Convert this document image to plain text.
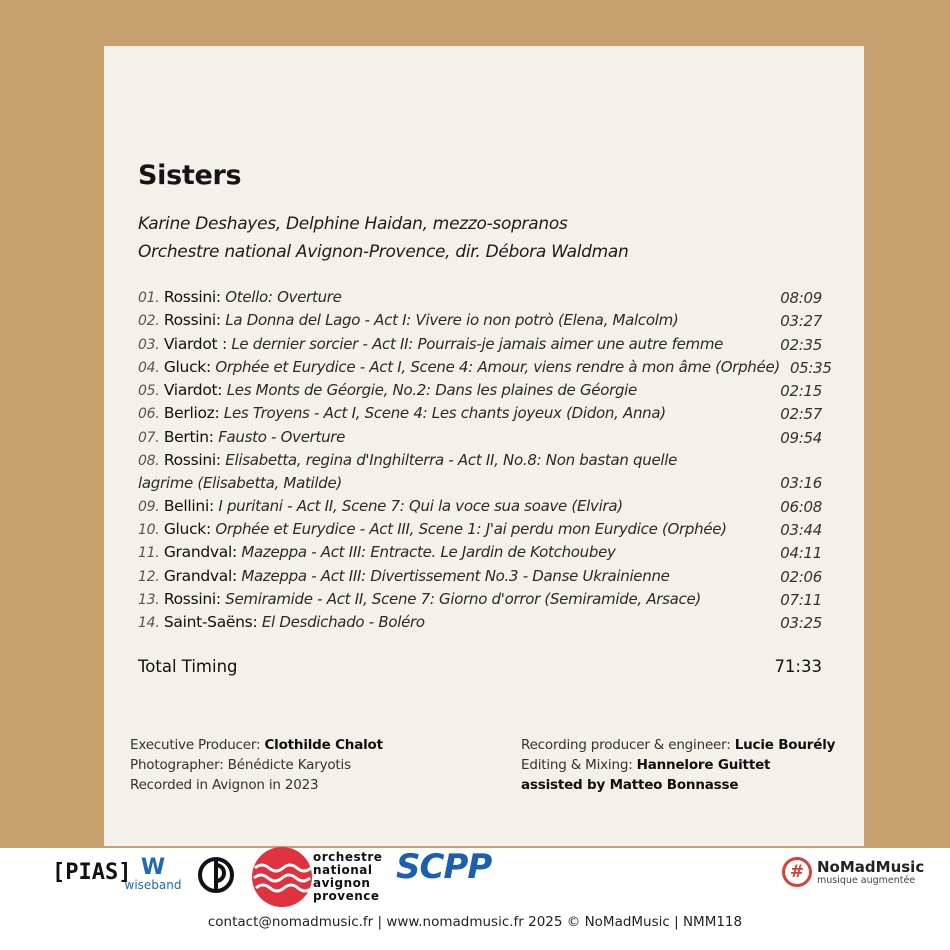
Sisters
Karine Deshayes, Delphine Haidan, mezzo-sopranos
Orchestre national Avignon-Provence, dir. Débora Waldman
01. Rossini: Otello: Overture	08:09
02. Rossini: La Donna del Lago - Act I: Vivere io non potrò (Elena, Malcolm)	03:27
03. Viardot : Le dernier sorcier - Act II: Pourrais-je jamais aimer une autre femme	02:35
04. Gluck: Orphée et Eurydice - Act I, Scene 4: Amour, viens rendre à mon âme (Orphée) 05:35
05. Viardot: Les Monts de Géorgie, No.2: Dans les plaines de Géorgie	02:15
06. Berlioz: Les Troyens - Act I, Scene 4: Les chants joyeux (Didon, Anna)	02:57
07. Bertin: Fausto - Overture	09:54
08. Rossini: Elisabetta, regina d'Inghilterra - Act II, No.8: Non bastan quelle lagrime (Elisabetta, Matilde)	03:16
09. Bellini: I puritani - Act II, Scene 7: Qui la voce sua soave (Elvira)	06:08
10. Gluck: Orphée et Eurydice - Act III, Scene 1: J'ai perdu mon Eurydice (Orphée)	03:44
11. Grandval: Mazeppa - Act III: Entracte. Le Jardin de Kotchoubey	04:11
12. Grandval: Mazeppa - Act III: Divertissement No.3 - Danse Ukrainienne	02:06
13. Rossini: Semiramide - Act II, Scene 7: Giorno d'orror (Semiramide, Arsace)	07:11
14. Saint-Saëns: El Desdichado - Boléro	03:25
Total Timing	71:33
Executive Producer: Clothilde Chalot
Photographer: Bénédicte Karyotis
Recorded in Avignon in 2023
Recording producer & engineer: Lucie Bourély
Editing & Mixing: Hannelore Guittet
assisted by Matteo Bonnasse
[PIAS] W
wiseband
orchestre
national
avignon
provence
SCPP	# NoMadMusic
musique augmentée
contact@nomadmusic.fr | www.nomadmusic.fr 2025 © NoMadMusic | NMM118
